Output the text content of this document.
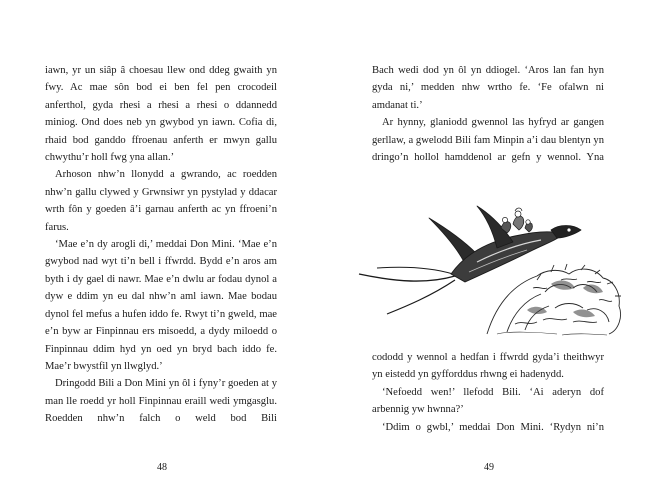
iawn, yr un siâp â choesau llew ond ddeg gwaith yn fwy. Ac mae sôn bod ei ben fel pen crocodeil anferthol, gyda rhesi a rhesi a rhesi o ddannedd miniog. Ond does neb yn gwybod yn iawn. Cofia di, rhaid bod ganddo ffroenau anferth er mwyn gallu chwythu’r holl fwg yna allan.’

Arhoson nhw’n llonydd a gwrando, ac roedden nhw’n gallu clywed y Grwnsiwr yn pystylad y ddacar wrth fôn y goeden â’i garnau anferth ac yn ffroeni’n farus.

‘Mae e’n dy arogli di,’ meddai Don Mini. ‘Mae e’n gwybod nad wyt ti’n bell i ffwrdd. Bydd e’n aros am byth i dy gael di nawr. Mae e’n dwlu ar fodau dynol a dyw e ddim yn eu dal nhw’n aml iawn. Mae bodau dynol fel mefus a hufen iddo fe. Rwyt ti’n gweld, mae e’n byw ar Finpinnau ers misoedd, a dydy miloedd o Finpinnau ddim hyd yn oed yn bryd bach iddo fe. Mae’r bwystfil yn llwglyd.’

Dringodd Bili a Don Mini yn ôl i fyny’r goeden at y man lle roedd yr holl Finpinnau eraill wedi ymgasglu. Roedden nhw’n falch o weld bod Bili

48

Bach wedi dod yn ôl yn ddiogel. ‘Aros lan fan hyn gyda ni,’ medden nhw wrtho fe. ‘Fe ofalwn ni amdanat ti.’

Ar hynny, glaniodd gwennol las hyfryd ar gangen gerllaw, a gwelodd Bili fam Minpin a’i dau blentyn yn dringo’n hollol hamddenol ar gefn y wennol. Yna

cododd y wennol a hedfan i ffwrdd gyda’i theithwyr yn eistedd yn gyfforddus rhwng ei hadenydd.

‘Nefoedd wen!’ llefodd Bili. ‘Ai aderyn dof arbennig yw hwnna?’

‘Ddim o gwbl,’ meddai Don Mini. ‘Rydyn ni’n

49
